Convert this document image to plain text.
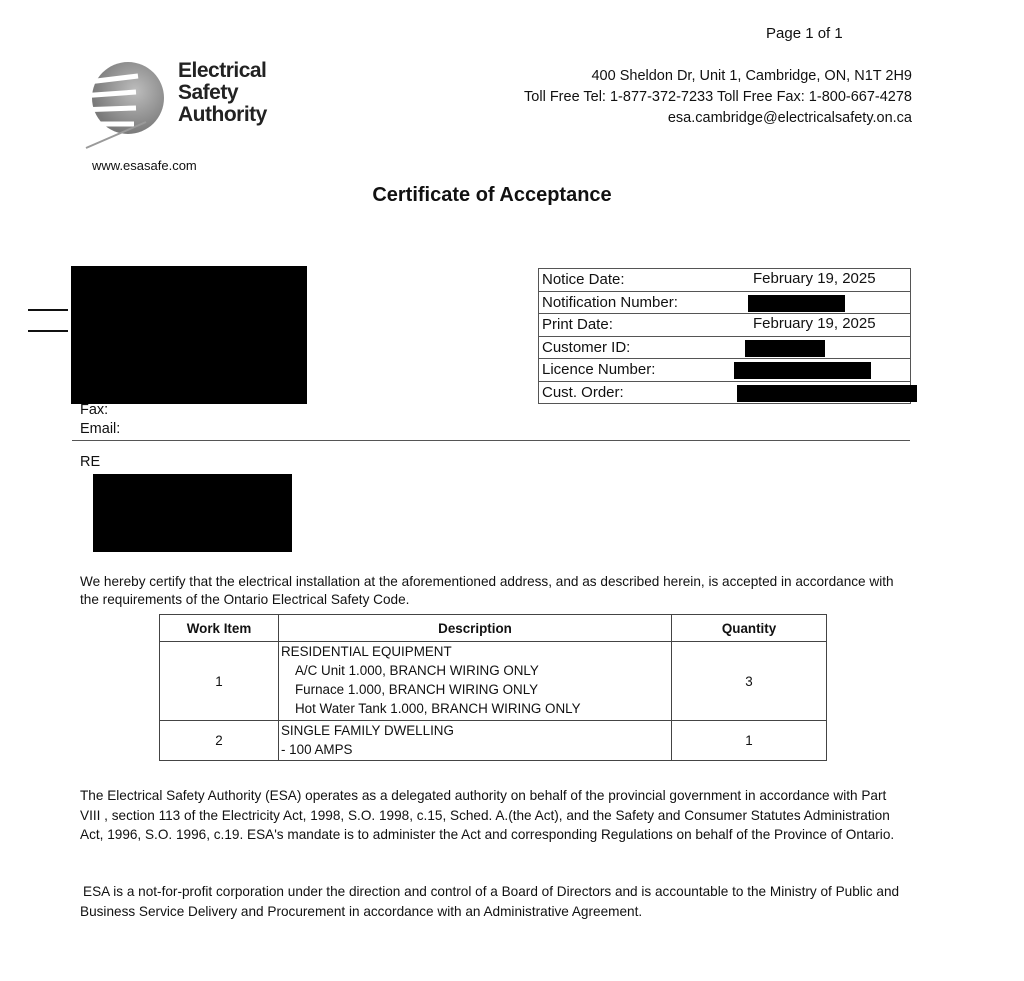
Page 1 of 1
Electrical
Safety
Authority
www.esasafe.com
400 Sheldon Dr, Unit 1, Cambridge, ON, N1T 2H9
Toll Free Tel: 1-877-372-7233 Toll Free Fax: 1-800-667-4278
esa.cambridge@electricalsafety.on.ca
Certificate of Acceptance
Fax:
Email:
Notice Date:	February 19, 2025

Notification Number:	

Print Date:	February 19, 2025

Customer ID:	

Licence Number:	

Cust. Order:	
RE
We hereby certify that the electrical installation at the aforementioned address, and as described herein, is accepted in accordance with the requirements of the Ontario Electrical Safety Code.
Work Item	Description	Quantity
1	RESIDENTIAL EQUIPMENT
A/C Unit 1.000, BRANCH WIRING ONLY
Furnace 1.000, BRANCH WIRING ONLY
Hot Water Tank 1.000, BRANCH WIRING ONLY	3
2	SINGLE FAMILY DWELLING
- 100 AMPS	1
The Electrical Safety Authority (ESA) operates as a delegated authority on behalf of the provincial government in accordance with Part VIII , section 113 of the Electricity Act, 1998, S.O. 1998, c.15, Sched. A.(the Act), and the Safety and Consumer Statutes Administration Act, 1996, S.O. 1996, c.19. ESA's mandate is to administer the Act and corresponding Regulations on behalf of the Province of Ontario.
ESA is a not-for-profit corporation under the direction and control of a Board of Directors and is accountable to the Ministry of Public and Business Service Delivery and Procurement in accordance with an Administrative Agreement.
